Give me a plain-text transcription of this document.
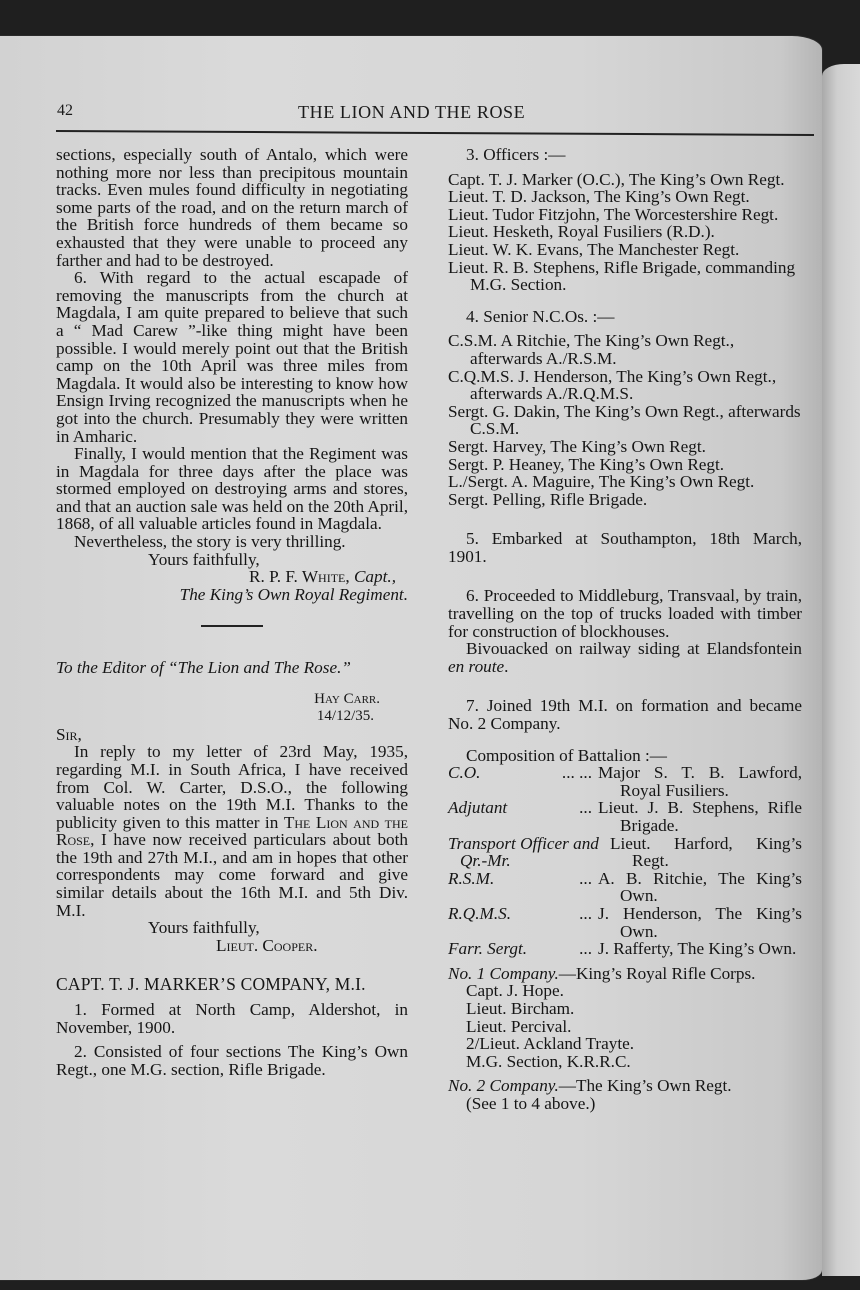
42	THE LION AND THE ROSE

sections, especially south of Antalo, which were nothing more nor less than precipitous mountain tracks. Even mules found difficulty in negotiating some parts of the road, and on the return march of the British force hundreds of them became so exhausted that they were unable to proceed any farther and had to be destroyed.

6. With regard to the actual escapade of removing the manuscripts from the church at Magdala, I am quite prepared to believe that such a “ Mad Carew ”-like thing might have been possible. I would merely point out that the British camp on the 10th April was three miles from Magdala. It would also be interesting to know how Ensign Irving recognized the manuscripts when he got into the church. Presumably they were written in Amharic.

Finally, I would mention that the Regiment was in Magdala for three days after the place was stormed employed on destroying arms and stores, and that an auction sale was held on the 20th April, 1868, of all valuable articles found in Magdala.

Nevertheless, the story is very thrilling.

Yours faithfully,

R. P. F. White, Capt.,

The King’s Own Royal Regiment.

To the Editor of “The Lion and The Rose.”

Hay Carr.

14/12/35.

Sir,

In reply to my letter of 23rd May, 1935, regarding M.I. in South Africa, I have received from Col. W. Carter, D.S.O., the following valuable notes on the 19th M.I. Thanks to the publicity given to this matter in The Lion and the Rose, I have now received particulars about both the 19th and 27th M.I., and am in hopes that other correspondents may come forward and give similar details about the 16th M.I. and 5th Div. M.I.

Yours faithfully,

Lieut. Cooper.

CAPT. T. J. MARKER’S COMPANY, M.I.

1. Formed at North Camp, Aldershot, in November, 1900.

2. Consisted of four sections The King’s Own Regt., one M.G. section, Rifle Brigade.

3. Officers :—

Capt. T. J. Marker (O.C.), The King’s Own Regt.

Lieut. T. D. Jackson, The King’s Own Regt.

Lieut. Tudor Fitzjohn, The Worcestershire Regt.

Lieut. Hesketh, Royal Fusiliers (R.D.).

Lieut. W. K. Evans, The Manchester Regt.

Lieut. R. B. Stephens, Rifle Brigade, commanding M.G. Section.

4. Senior N.C.Os. :—

C.S.M. A Ritchie, The King’s Own Regt., afterwards A./R.S.M.

C.Q.M.S. J. Henderson, The King’s Own Regt., afterwards A./R.Q.M.S.

Sergt. G. Dakin, The King’s Own Regt., afterwards C.S.M.

Sergt. Harvey, The King’s Own Regt.

Sergt. P. Heaney, The King’s Own Regt.

L./Sergt. A. Maguire, The King’s Own Regt.

Sergt. Pelling, Rifle Brigade.

5. Embarked at Southampton, 18th March, 1901.

6. Proceeded to Middleburg, Transvaal, by train, travelling on the top of trucks loaded with timber for construction of blockhouses.

Bivouacked on railway siding at Elandsfontein en route.

7. Joined 19th M.I. on formation and became No. 2 Company.

Composition of Battalion :—

C.O.	... ... Major S. T. B. Lawford, Royal Fusiliers.
Adjutant	... Lieut. J. B. Stephens, Rifle Brigade.
Transport Officer and Qr.-Mr.
Lieut. Harford, King’s Regt.
R.S.M.	... A. B. Ritchie, The King’s Own.
R.Q.M.S.	... J. Henderson, The King’s Own.
Farr. Sergt.	... J. Rafferty, The King’s Own.

No. 1 Company.—King’s Royal Rifle Corps.

Capt. J. Hope.

Lieut. Bircham.

Lieut. Percival.

2/Lieut. Ackland Trayte.

M.G. Section, K.R.R.C.

No. 2 Company.—The King’s Own Regt.

(See 1 to 4 above.)
